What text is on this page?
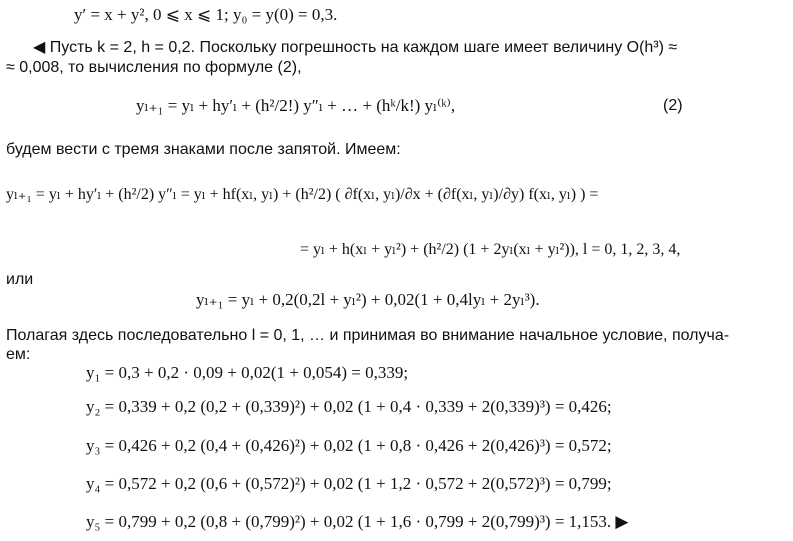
y′ = x + y², 0 ⩽ x ⩽ 1; y₀ = y(0) = 0,3.
◀ Пусть k = 2, h = 0,2. Поскольку погрешность на каждом шаге имеет величину O(h³) ≈
≈ 0,008, то вычисления по формуле (2),
yₗ₊₁ = yₗ + hy′ₗ + (h²/2!) y″ₗ + … + (hᵏ/k!) yₗ⁽ᵏ⁾,	(2)
будем вести с тремя знаками после запятой. Имеем:
yₗ₊₁ = yₗ + hy′ₗ + (h²/2) y″ₗ = yₗ + hf(xₗ, yₗ) + (h²/2) ( ∂f(xₗ, yₗ)/∂x + (∂f(xₗ, yₗ)/∂y) f(xₗ, yₗ) ) =
= yₗ + h(xₗ + yₗ²) + (h²/2) (1 + 2yₗ(xₗ + yₗ²)), l = 0, 1, 2, 3, 4,
или
yₗ₊₁ = yₗ + 0,2(0,2l + yₗ²) + 0,02(1 + 0,4lyₗ + 2yₗ³).
Полагая здесь последовательно l = 0, 1, … и принимая во внимание начальное условие, получа-
ем:
y₁ = 0,3 + 0,2 · 0,09 + 0,02(1 + 0,054) = 0,339;
y₂ = 0,339 + 0,2 (0,2 + (0,339)²) + 0,02 (1 + 0,4 · 0,339 + 2(0,339)³) = 0,426;
y₃ = 0,426 + 0,2 (0,4 + (0,426)²) + 0,02 (1 + 0,8 · 0,426 + 2(0,426)³) = 0,572;
y₄ = 0,572 + 0,2 (0,6 + (0,572)²) + 0,02 (1 + 1,2 · 0,572 + 2(0,572)³) = 0,799;
y₅ = 0,799 + 0,2 (0,8 + (0,799)²) + 0,02 (1 + 1,6 · 0,799 + 2(0,799)³) = 1,153. ▶
